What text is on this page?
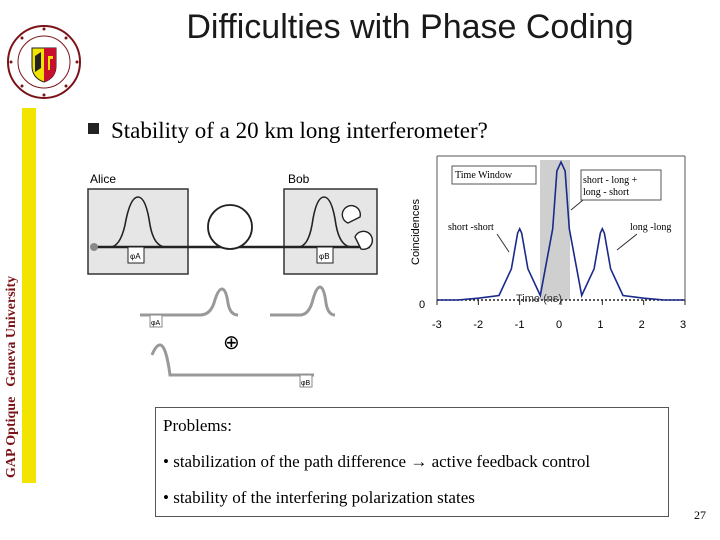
Difficulties with Phase Coding
GAP OptiqueGeneva University
Stability of a 20 km long interferometer?
Alice	Bob
φA	φB
φA
φB
⊕
-3	-2	-1	0	1	2	3
Coincidences
0	Time (ns)
Time Window	short - long +
long - short
short -short	long -long
Problems:
• stabilization of the path difference → active feedback control
• stability of the interfering polarization states
27
